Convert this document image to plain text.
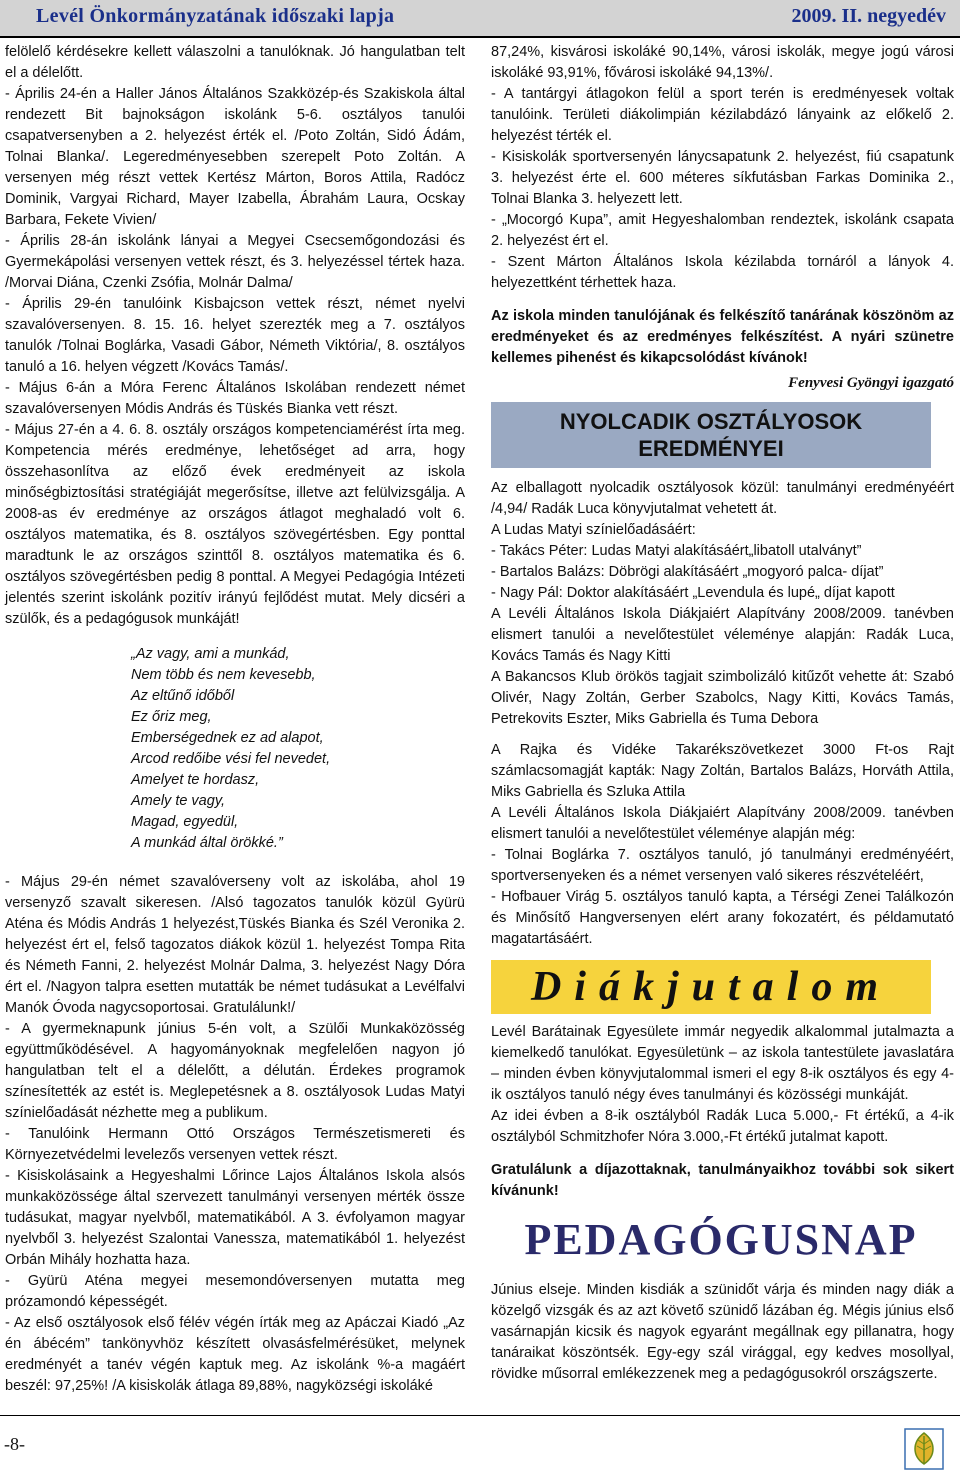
Levél Önkormányzatának időszaki lapja	2009. II. negyedév

felölelő kérdésekre kellett válaszolni a tanulóknak. Jó hangulatban telt el a délelőtt.

- Április 24-én a Haller János Általános Szakközép-és Szakiskola által rendezett Bit bajnokságon iskolánk 5-6. osztályos tanulói csapatversenyben a 2. helyezést érték el. /Poto Zoltán, Sidó Ádám, Tolnai Blanka/. Legeredményesebben szerepelt Poto Zoltán. A versenyen még részt vettek Kertész Márton, Boros Attila, Radócz Dominik, Vargyai Richard, Mayer Izabella, Ábrahám Laura, Ocskay Barbara, Fekete Vivien/

- Április 28-án iskolánk lányai a Megyei Csecsemőgondozási és Gyermekápolási versenyen vettek részt, és 3. helyezéssel tértek haza. /Morvai Diána, Czenki Zsófia, Molnár Dalma/

- Április 29-én tanulóink Kisbajcson vettek részt, német nyelvi szavalóversenyen. 8. 15. 16. helyet szerezték meg a 7. osztályos tanulók /Tolnai Boglárka, Vasadi Gábor, Németh Viktória/, 8. osztályos tanuló a 16. helyen végzett /Kovács Tamás/.

- Május 6-án a Móra Ferenc Általános Iskolában rendezett német szavalóversenyen Módis András és Tüskés Bianka vett részt.

- Május 27-én a 4. 6. 8. osztály országos kompetenciamérést írta meg. Kompetencia mérés eredménye, lehetőséget ad arra, hogy összehasonlítva az előző évek eredményeit az iskola minőségbiztosítási stratégiáját megerősítse, illetve azt felülvizsgálja. A 2008-as év eredménye az országos átlagot meghaladó volt 6. osztályos matematika, és 8. osztályos szövegértésben. Egy ponttal maradtunk le az országos szinttől 8. osztályos matematika és 6. osztályos szövegértésben pedig 8 ponttal. A Megyei Pedagógia Intézeti jelentés szerint iskolánk pozitív irányú fejlődést mutat. Mely dicséri a szülők, és a pedagógusok munkáját!

„Az vagy, ami a munkád,
Nem több és nem kevesebb,
Az eltűnő időből
Ez őriz meg,
Emberségednek ez ad alapot,
Arcod redőibe vési fel nevedet,
Amelyet te hordasz,
Amely te vagy,
Magad, egyedül,
A munkád által örökké.”

- Május 29-én német szavalóverseny volt az iskolába, ahol 19 versenyző szavalt sikeresen. /Alsó tagozatos tanulók közül Gyürü Aténa és Módis András 1 helyezést,Tüskés Bianka és Szél Veronika 2. helyezést ért el, felső tagozatos diákok közül 1. helyezést Tompa Rita és Németh Fanni, 2. helyezést Molnár Dalma, 3. helyezést Nagy Dóra ért el. /Nagyon talpra esetten mutatták be német tudásukat a Levélfalvi Manók Óvoda nagycsoportosai. Gratulálunk!/

- A gyermeknapunk június 5-én volt, a Szülői Munkaközösség együttműködésével. A hagyományoknak megfelelően nagyon jó hangulatban telt el a délelőtt, a délután. Érdekes programok színesítették az estét is. Meglepetésnek a 8. osztályosok Ludas Matyi színielőadását nézhette meg a publikum.

- Tanulóink Hermann Ottó Országos Természetismereti és Környezetvédelmi levelezős versenyen vettek részt.

- Kisiskolásaink a Hegyeshalmi Lőrince Lajos Általános Iskola alsós munkaközössége által szervezett tanulmányi versenyen mérték össze tudásukat, magyar nyelvből, matematikából. A 3. évfolyamon magyar nyelvből 3. helyezést Szalontai Vanessza, matematikából 1. helyezést Orbán Mihály hozhatta haza.

- Gyürü Aténa megyei mesemondóversenyen mutatta meg prózamondó képességét.

- Az első osztályosok első félév végén írták meg az Apáczai Kiadó „Az én ábécém” tankönyvhöz készített olvasásfelmérésüket, melynek eredményét a tanév végén kaptuk meg. Az iskolánk %-a magáért beszél: 97,25%! /A kisiskolák átlaga 89,88%, nagyközségi iskoláké

87,24%, kisvárosi iskoláké 90,14%, városi iskolák, megye jogú városi iskoláké 93,91%, fővárosi iskoláké 94,13%/.

- A tantárgyi átlagokon felül a sport terén is eredményesek voltak tanulóink. Területi diákolimpián kézilabdázó lányaink az előkelő 2. helyezést térték el.

- Kisiskolák sportversenyén lánycsapatunk 2. helyezést, fiú csapatunk 3. helyezést érte el. 600 méteres síkfutásban Farkas Dominika 2., Tolnai Blanka 3. helyezett lett.

- „Mocorgó Kupa”, amit Hegyeshalomban rendeztek, iskolánk csapata 2. helyezést ért el.

- Szent Márton Általános Iskola kézilabda tornáról a lányok 4. helyezettként térhettek haza.

Az iskola minden tanulójának és felkészítő tanárának köszönöm az eredményeket és az eredményes felkészítést. A nyári szünetre kellemes pihenést és kikapcsolódást kívánok!

Fenyvesi Gyöngyi igazgató

NYOLCADIK OSZTÁLYOSOK
EREDMÉNYEI

Az elballagott nyolcadik osztályosok közül: tanulmányi eredményéért /4,94/ Radák Luca könyvjutalmat vehetett át.

A Ludas Matyi színielőadásáért:

- Takács Péter: Ludas Matyi alakításáért„libatoll utalványt”

- Bartalos Balázs: Döbrögi alakításáért „mogyoró palca- díjat”

- Nagy Pál: Doktor alakításáért „Levendula és lupé„ díjat kapott

A Levéli Általános Iskola Diákjaiért Alapítvány 2008/2009. tanévben elismert tanulói a nevelőtestület véleménye alapján: Radák Luca, Kovács Tamás és Nagy Kitti

A Bakancsos Klub örökös tagjait szimbolizáló kitűzőt vehette át: Szabó Olivér, Nagy Zoltán, Gerber Szabolcs, Nagy Kitti, Kovács Tamás, Petrekovits Eszter, Miks Gabriella és Tuma Debora

A Rajka és Vidéke Takarékszövetkezet 3000 Ft-os Rajt számlacsomagját kapták: Nagy Zoltán, Bartalos Balázs, Horváth Attila, Miks Gabriella és Szluka Attila

A Levéli Általános Iskola Diákjaiért Alapítvány 2008/2009. tanévben elismert tanulói a nevelőtestület véleménye alapján még:

- Tolnai Boglárka 7. osztályos tanuló, jó tanulmányi eredményéért, sportversenyeken és a német versenyen való sikeres részvételéért,

- Hofbauer Virág 5. osztályos tanuló kapta, a Térségi Zenei Találkozón és Minősítő Hangversenyen elért arany fokozatért, és példamutató magatartásáért.

Diákjutalom

Levél Barátainak Egyesülete immár negyedik alkalommal jutalmazta a kiemelkedő tanulókat. Egyesületünk – az iskola tantestülete javaslatára – minden évben könyvjutalommal ismeri el egy 8-ik osztályos és egy 4-ik osztályos tanuló négy éves tanulmányi és közösségi munkáját.

Az idei évben a 8-ik osztályból Radák Luca 5.000,- Ft értékű, a 4-ik osztályból Schmitzhofer Nóra 3.000,-Ft értékű jutalmat kapott.

Gratulálunk a díjazottaknak, tanulmányaikhoz további sok sikert kívánunk!

PEDAGÓGUSNAP

Június elseje. Minden kisdiák a szünidőt várja és minden nagy diák a közelgő vizsgák és az azt követő szünidő lázában ég. Mégis június első vasárnapján kicsik és nagyok egyaránt megállnak egy pillanatra, hogy tanáraikat köszöntsék. Egy-egy szál virággal, egy kedves mosollyal, rövidke műsorral emlékezzenek meg a pedagógusokról országszerte.

-8-
